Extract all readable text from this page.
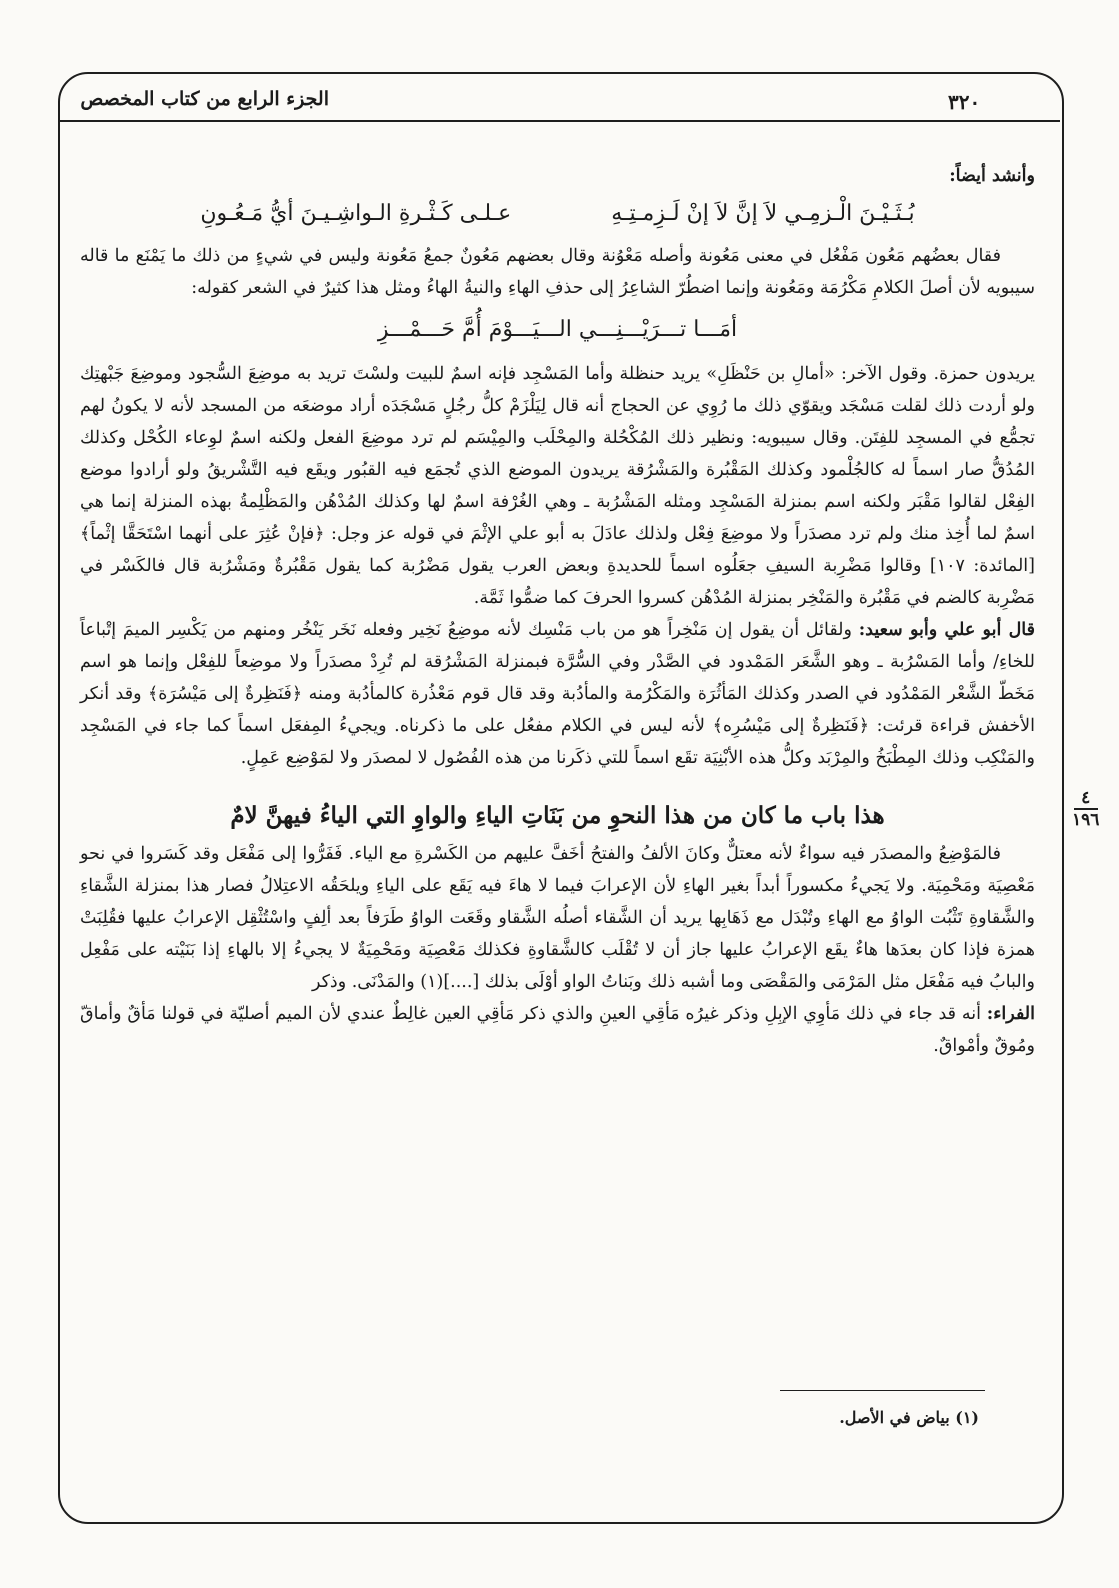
الجزء الرابع من كتاب المخصص	٣٢٠

وأنشد أيضاً:

بُـثَـيْـنَ الْـزمِـي لاَ إنَّ لاَ إنْ لَـزِمـتِـهِ
عـلـى كَـثْـرةِ الـواشِـيـنَ أيُّ مَـعُـونِ

فقال بعضُهم مَعُون مَفْعُل في معنى مَعُونة وأصله مَعْوُنة وقال بعضهم مَعُونٌ جمعُ مَعُونة وليس في شيءٍ من ذلك ما يَمْنَع ما قاله سيبويه لأن أصلَ الكلامِ مَكْرُمَة ومَعُونة وإنما اضطُرّ الشاعِرُ إلى حذفِ الهاءِ والنيةُ الهاءُ ومثل هذا كثيرٌ في الشعر كقوله:

أمَـــا تـــرَيْـــنِـــي الـــيَـــوْمَ أُمَّ حَـــمْـــزِ

يريدون حمزة. وقول الآخر: «أمالِ بن حَنْظَلِ» يريد حنظلة وأما المَسْجِد فإنه اسمٌ للبيت ولسْتَ تريد به موضِعَ السُّجود وموضِعَ جَبْهتِك ولو أردت ذلك لقلت مَسْجَد ويقوّي ذلك ما رُوِي عن الحجاج أنه قال لِيَلْزَمْ كلُّ رجُلٍ مَسْجَدَه أراد موضعَه من المسجد لأنه لا يكونُ لهم تجمُّع في المسجِد للفِتَن. وقال سيبويه: ونظير ذلك المُكْحُلة والمِحْلَب والمِيْسَم لم ترد موضِعَ الفعل ولكنه اسمٌ لوِعاء الكُحْل وكذلك المُدُقُّ صار اسماً له كالجُلْمود وكذلك المَقْبُرة والمَشْرُقة يريدون الموضع الذي تُجمَع فيه القبُور ويقَع فيه التَّشْريقُ ولو أرادوا موضع الفِعْل لقالوا مَقْبَر ولكنه اسم بمنزلة المَسْجِد ومثله المَشْرُبة ـ وهي الغُرْفة اسمٌ لها وكذلك المُدْهُن والمَظْلِمةُ بهذه المنزلة إنما هي اسمٌ لما أُخِذ منك ولم ترد مصدَراً ولا موضِعَ فِعْل ولذلك عادَلَ به أبو علي الإثْمَ في قوله عز وجل: ﴿فإنْ عُثِرَ على أنهما اسْتَحَقَّا إثْماً﴾ [المائدة: ١٠٧] وقالوا مَضْرِبة السيفِ جعَلُوه اسماً للحديدةِ وبعض العرب يقول مَضْرُبة كما يقول مَقْبُرةٌ ومَشْرُبة قال فالكَسْر في مَضْرِبة كالضم في مَقْبُرة والمَنْخِر بمنزلة المُدْهُن كسروا الحرفَ كما ضمُّوا ثَمَّة.

قال أبو علي وأبو سعيد: ولقائل أن يقول إن مَنْخِراً هو من باب مَنْسِك لأنه موضِعُ نَخِير وفعله نَخَر يَنْخُر ومنهم من يَكْسِر الميمَ إتْباعاً للخاءِ/ وأما المَسْرُبة ـ وهو الشَّعَر المَمْدود في الصَّدْر وفي السُّرَّة فبمنزلة المَشْرُقة لم تُرِدْ مصدَراً ولا موضِعاً للفِعْل وإنما هو اسم مَخَطّ الشَّعْر المَمْدُود في الصدر وكذلك المَأثُرَة والمَكْرُمة والمأدُبة وقد قال قوم مَعْذُرة كالمأدُبة ومنه ﴿فَنَظِرةٌ إلى مَيْسُرَة﴾ وقد أنكر الأخفش قراءة قرئت: ﴿فَنَظِرةٌ إلى مَيْسُرِه﴾ لأنه ليس في الكلام مفعُل على ما ذكرناه. ويجيءُ المِفعَل اسماً كما جاء في المَسْجِد والمَنْكِب وذلك المِطْبَخُ والمِرْبَد وكلُّ هذه الأبْنِيَة تقَع اسماً للتي ذكَرنا من هذه الفُصُول لا لمصدَر ولا لمَوْضِع عَمِلٍ.

هذا باب ما كان من هذا النحوِ من بَنَاتِ الياءِ والواوِ التي الياءُ فيهنَّ لامٌ

فالمَوْضِعُ والمصدَر فيه سواءٌ لأنه معتلٌّ وكانَ الألفُ والفتحُ أخَفَّ عليهم من الكَسْرةِ مع الياء. فَفَرُّوا إلى مَفْعَل وقد كَسَروا في نحو مَعْصِيَة ومَحْمِيَة. ولا يَجيءُ مكسوراً أبداً بغير الهاءِ لأن الإعرابَ فيما لا هاءَ فيه يَقَع على الياءِ ويلحَقُه الاعتِلالُ فصار هذا بمنزلة الشَّقاءِ والشَّقاوةِ تَثْبُت الواوُ مع الهاءِ وتُبْدَل مع ذَهَابِها يريد أن الشَّقاء أصلُه الشَّقاو وقَعَت الواوُ طَرَفاً بعد ألِفٍ واسْتُثْقِل الإعرابُ عليها فقُلِبَتْ همزة فإذا كان بعدَها هاءٌ يقَع الإعرابُ عليها جاز أن لا تُقْلَب كالشَّقاوةِ فكذلك مَعْصِيَة ومَحْمِيَةٌ لا يجيءُ إلا بالهاءِ إذا بَنَيْته على مَفْعِل والبابُ فيه مَفْعَل مثل المَرْمَى والمَقْصَى وما أشبه ذلك وبَناتُ الواو أوْلَى بذلك [....](١) والمَدْنَى. وذكر

الفراء: أنه قد جاء في ذلك مَأوِي الإبِلِ وذكر غيرُه مَأقِي العينِ والذي ذكر مَأقِي العين غالِطٌ عندي لأن الميم أصليّة في قولنا مَأقٌ وأماقّ ومُوقٌ وأمْواقٌ.

٤
١٩٦
(١) بياض في الأصل.
